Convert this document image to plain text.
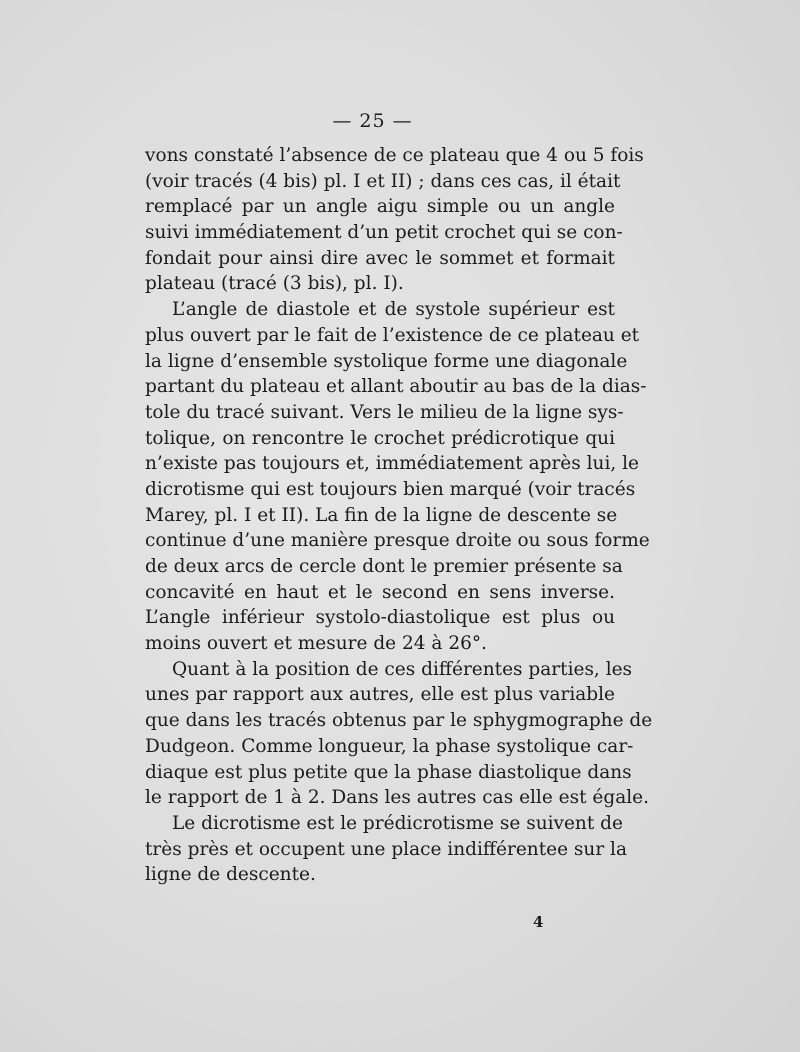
— 25 —
vons constaté l’absence de ce plateau que 4 ou 5 fois
(voir tracés (4 bis) pl. I et II) ; dans ces cas, il était
remplacé par un angle aigu simple ou un angle
suivi immédiatement d’un petit crochet qui se con-
fondait pour ainsi dire avec le sommet et formait
plateau (tracé (3 bis), pl. I).
L’angle de diastole et de systole supérieur est
plus ouvert par le fait de l’existence de ce plateau et
la ligne d’ensemble systolique forme une diagonale
partant du plateau et allant aboutir au bas de la dias-
tole du tracé suivant. Vers le milieu de la ligne sys-
tolique, on rencontre le crochet prédicrotique qui
n’existe pas toujours et, immédiatement après lui, le
dicrotisme qui est toujours bien marqué (voir tracés
Marey, pl. I et II). La fin de la ligne de descente se
continue d’une manière presque droite ou sous forme
de deux arcs de cercle dont le premier présente sa
concavité en haut et le second en sens inverse.
L’angle inférieur systolo-diastolique est plus ou
moins ouvert et mesure de 24 à 26°.
Quant à la position de ces différentes parties, les
unes par rapport aux autres, elle est plus variable
que dans les tracés obtenus par le sphygmographe de
Dudgeon. Comme longueur, la phase systolique car-
diaque est plus petite que la phase diastolique dans
le rapport de 1 à 2. Dans les autres cas elle est égale.
Le dicrotisme est le prédicrotisme se suivent de
très près et occupent une place indifférentee sur la
ligne de descente.
4
